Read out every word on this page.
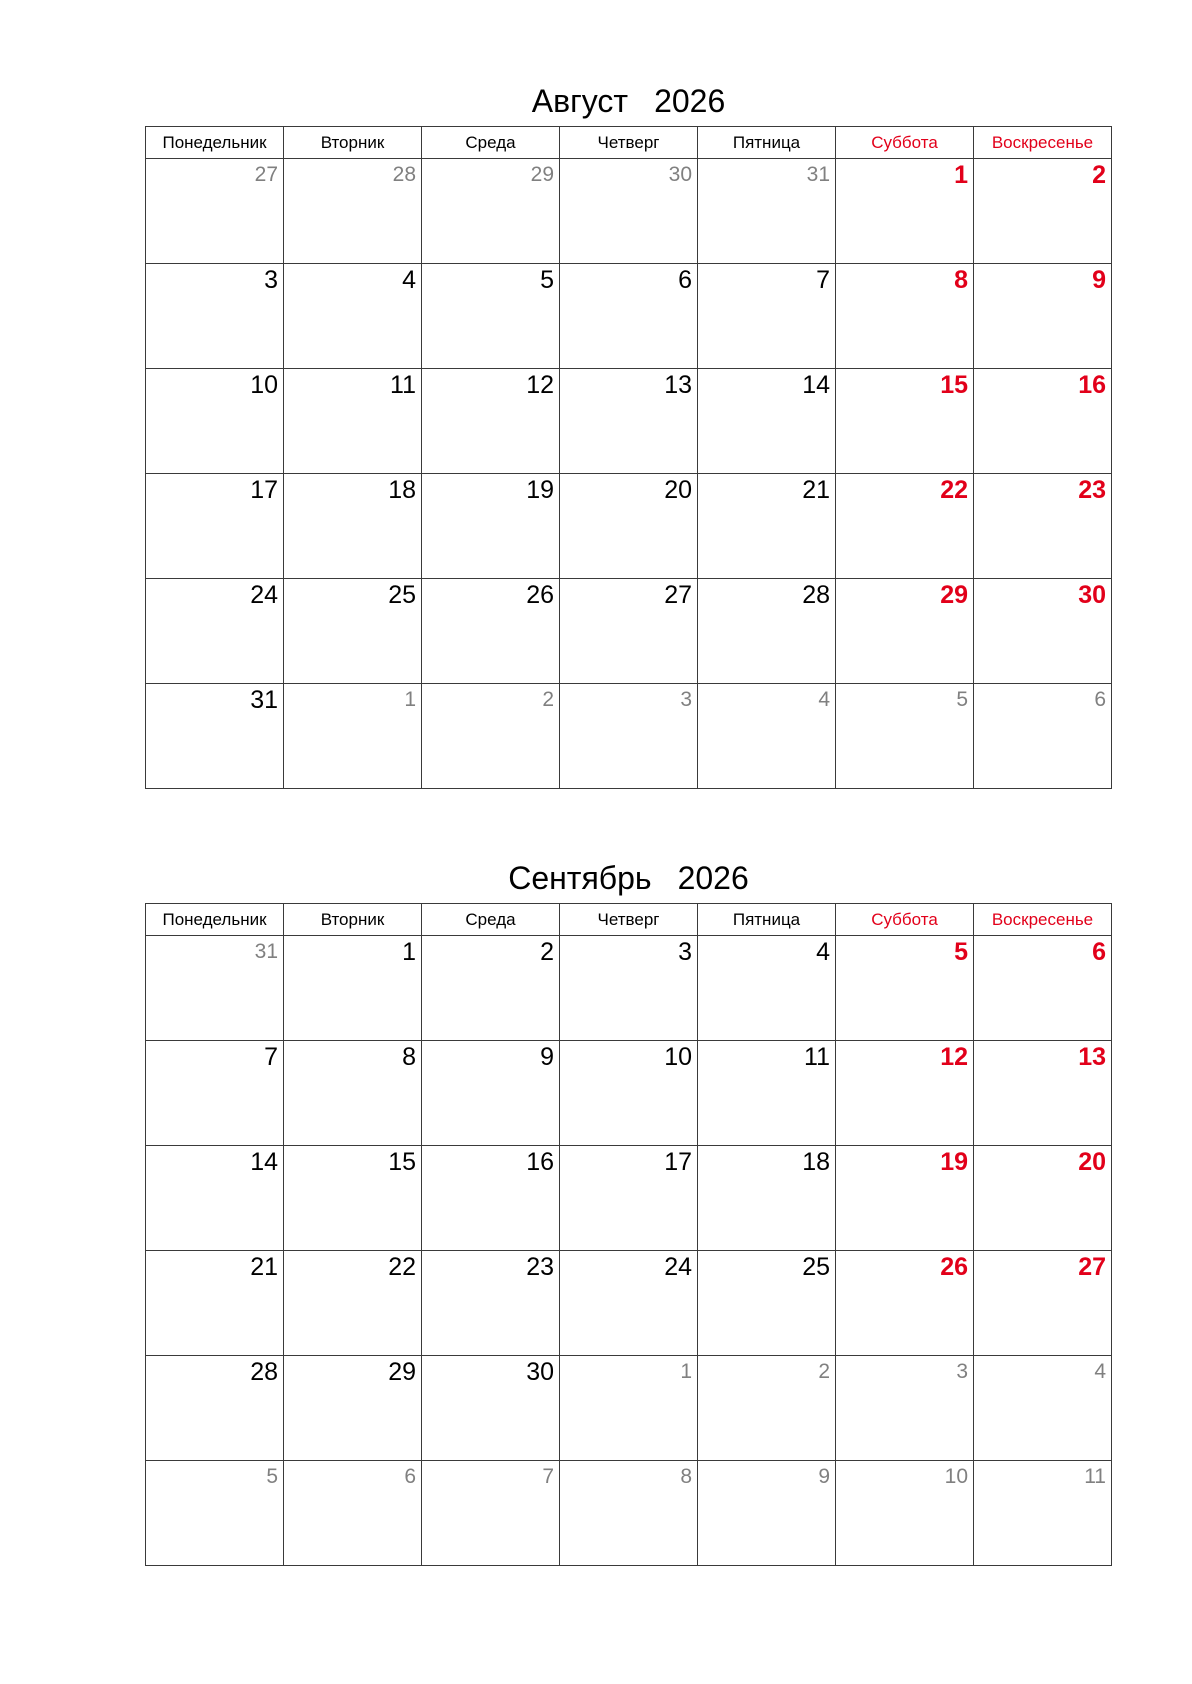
Август 2026
Понедельник	Вторник	Среда	Четверг	Пятница	Суббота	Воскресенье

27	28	29	30	31	1	2

3	4	5	6	7	8	9

10	11	12	13	14	15	16

17	18	19	20	21	22	23

24	25	26	27	28	29	30

31	1	2	3	4	5	6
Сентябрь 2026
Понедельник	Вторник	Среда	Четверг	Пятница	Суббота	Воскресенье

31	1	2	3	4	5	6

7	8	9	10	11	12	13

14	15	16	17	18	19	20

21	22	23	24	25	26	27

28	29	30	1	2	3	4

5	6	7	8	9	10	11
